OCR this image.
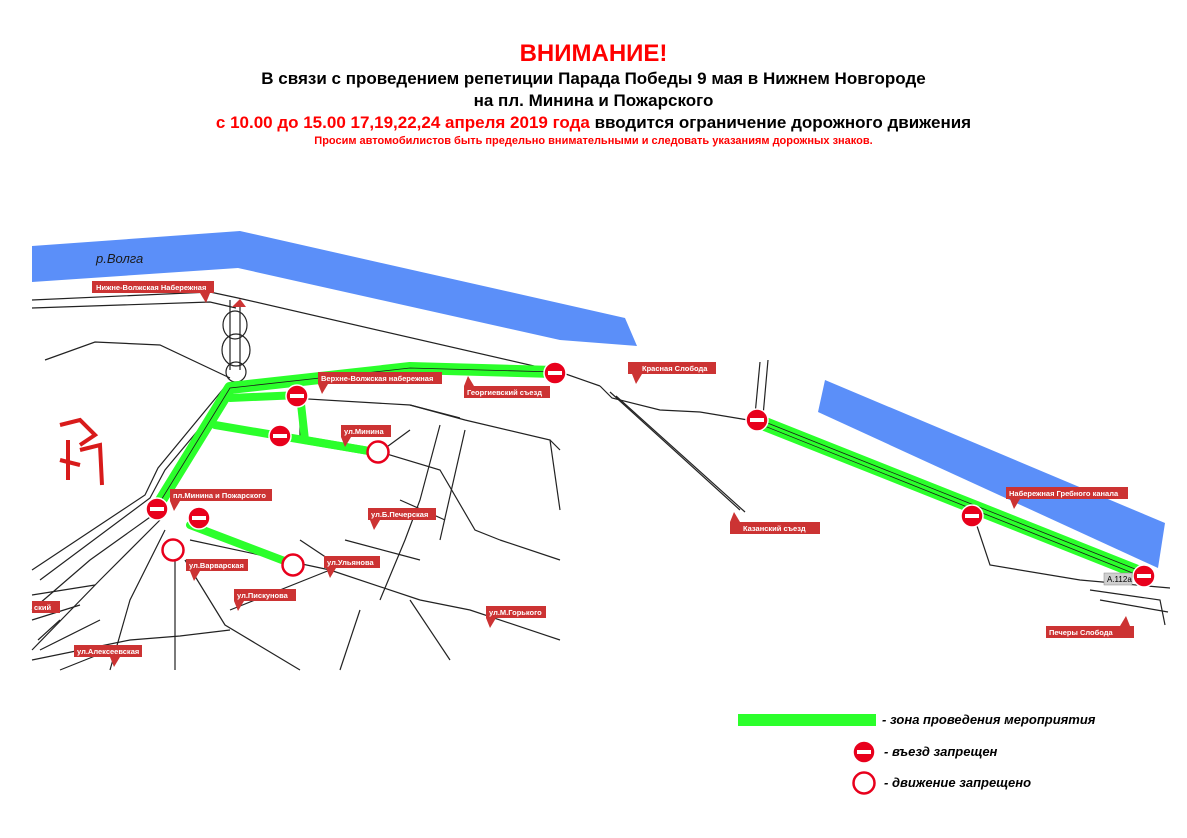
ВНИМАНИЕ!
В связи с проведением репетиции Парада Победы 9 мая в Нижнем Новгороде
на пл. Минина и Пожарского
с 10.00 до 15.00 17,19,22,24 апреля 2019 года вводится ограничение дорожного движения
Просим автомобилистов быть предельно внимательными и следовать указаниям дорожных знаков.
р.Волга
А.112а
Нижне-Волжская Набережная
Верхне-Волжская набережная
Георгиевский съезд
Красная Слобода
ул.Минина
пл.Минина и Пожарского
ул.Б.Печерская
ул.Варварская	ул.Ульянова
ул.Пискунова
ул.М.Горького
ул.Алексеевская
Казанский съезд
Набережная Гребного канала
Печеры Слобода
ский
- зона проведения мероприятия
- въезд запрещен
- движение запрещено
